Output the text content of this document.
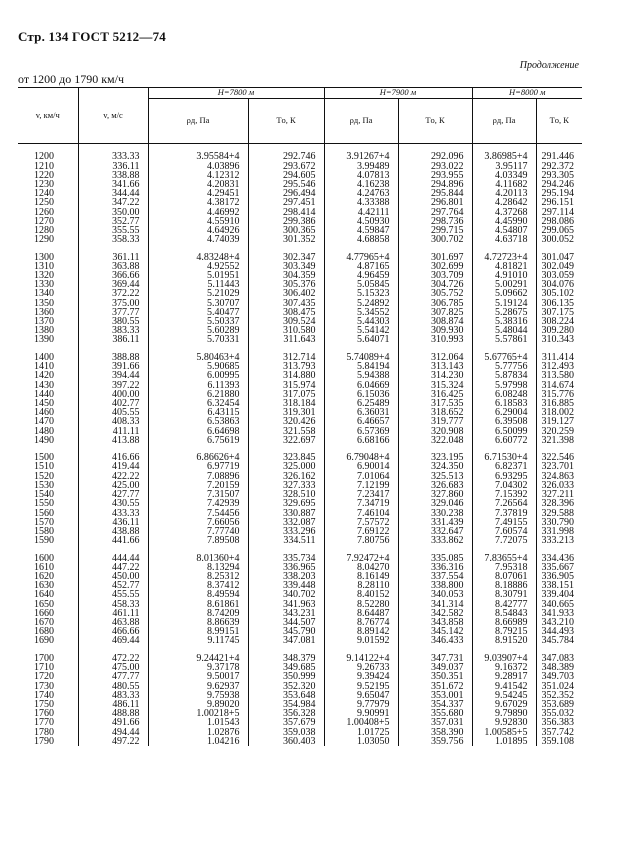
Стр. 134 ГОСТ 5212—74
Продолжение
от 1200 до 1790 км/ч
v, км/ч	v, м/с	H=7800 м		H=7900 м		H=8000 м	
		ρд, Па	Tо, К	ρд, Па	Tо, К	ρд, Па	Tо, К

1200	333.33	3.95584+4	292.746	3.91267+4	292.096	3.86985+4	291.446
1210	336.11	4.03896	293.672	3.99489	293.022	3.95117	292.372
1220	338.88	4.12312	294.605	4.07813	293.955	4.03349	293.305
1230	341.66	4.20831	295.546	4.16238	294.896	4.11682	294.246
1240	344.44	4.29451	296.494	4.24763	295.844	4.20113	295.194
1250	347.22	4.38172	297.451	4.33388	296.801	4.28642	296.151
1260	350.00	4.46992	298.414	4.42111	297.764	4.37268	297.114
1270	352.77	4.55910	299.386	4.50930	298.736	4.45990	298.086
1280	355.55	4.64926	300.365	4.59847	299.715	4.54807	299.065
1290	358.33	4.74039	301.352	4.68858	300.702	4.63718	300.052

1300	361.11	4.83248+4	302.347	4.77965+4	301.697	4.72723+4	301.047
1310	363.88	4.92552	303.349	4.87165	302.699	4.81821	302.049
1320	366.66	5.01951	304.359	4.96459	303.709	4.91010	303.059
1330	369.44	5.11443	305.376	5.05845	304.726	5.00291	304.076
1340	372.22	5.21029	306.402	5.15323	305.752	5.09662	305.102
1350	375.00	5.30707	307.435	5.24892	306.785	5.19124	306.135
1360	377.77	5.40477	308.475	5.34552	307.825	5.28675	307.175
1370	380.55	5.50337	309.524	5.44303	308.874	5.38316	308.224
1380	383.33	5.60289	310.580	5.54142	309.930	5.48044	309.280
1390	386.11	5.70331	311.643	5.64071	310.993	5.57861	310.343

1400	388.88	5.80463+4	312.714	5.74089+4	312.064	5.67765+4	311.414
1410	391.66	5.90685	313.793	5.84194	313.143	5.77756	312.493
1420	394.44	6.00995	314.880	5.94388	314.230	5.87834	313.580
1430	397.22	6.11393	315.974	6.04669	315.324	5.97998	314.674
1440	400.00	6.21880	317.075	6.15036	316.425	6.08248	315.776
1450	402.77	6.32454	318.184	6.25489	317.535	6.18583	316.885
1460	405.55	6.43115	319.301	6.36031	318.652	6.29004	318.002
1470	408.33	6.53863	320.426	6.46657	319.777	6.39508	319.127
1480	411.11	6.64698	321.558	6.57369	320.908	6.50099	320.259
1490	413.88	6.75619	322.697	6.68166	322.048	6.60772	321.398

1500	416.66	6.86626+4	323.845	6.79048+4	323.195	6.71530+4	322.546
1510	419.44	6.97719	325.000	6.90014	324.350	6.82371	323.701
1520	422.22	7.08896	326.162	7.01064	325.513	6.93295	324.863
1530	425.00	7.20159	327.333	7.12199	326.683	7.04302	326.033
1540	427.77	7.31507	328.510	7.23417	327.860	7.15392	327.211
1550	430.55	7.42939	329.695	7.34719	329.046	7.26564	328.396
1560	433.33	7.54456	330.887	7.46104	330.238	7.37819	329.588
1570	436.11	7.66056	332.087	7.57572	331.439	7.49155	330.790
1580	438.88	7.77740	333.296	7.69122	332.647	7.60574	331.998
1590	441.66	7.89508	334.511	7.80756	333.862	7.72075	333.213

1600	444.44	8.01360+4	335.734	7.92472+4	335.085	7.83655+4	334.436
1610	447.22	8.13294	336.965	8.04270	336.316	7.95318	335.667
1620	450.00	8.25312	338.203	8.16149	337.554	8.07061	336.905
1630	452.77	8.37412	339.448	8.28110	338.800	8.18886	338.151
1640	455.55	8.49594	340.702	8.40152	340.053	8.30791	339.404
1650	458.33	8.61861	341.963	8.52280	341.314	8.42777	340.665
1660	461.11	8.74209	343.231	8.64487	342.582	8.54843	341.933
1670	463.88	8.86639	344.507	8.76774	343.858	8.66989	343.210
1680	466.66	8.99151	345.790	8.89142	345.142	8.79215	344.493
1690	469.44	9.11745	347.081	9.01592	346.433	8.91520	345.784

1700	472.22	9.24421+4	348.379	9.14122+4	347.731	9.03907+4	347.083
1710	475.00	9.37178	349.685	9.26733	349.037	9.16372	348.389
1720	477.77	9.50017	350.999	9.39424	350.351	9.28917	349.703
1730	480.55	9.62937	352.320	9.52195	351.672	9.41542	351.024
1740	483.33	9.75938	353.648	9.65047	353.001	9.54245	352.352
1750	486.11	9.89020	354.984	9.77979	354.337	9.67029	353.689
1760	488.88	1.00218+5	356.328	9.90991	355.680	9.79890	355.032
1770	491.66	1.01543	357.679	1.00408+5	357.031	9.92830	356.383
1780	494.44	1.02876	359.038	1.01725	358.390	1.00585+5	357.742
1790	497.22	1.04216	360.403	1.03050	359.756	1.01895	359.108
